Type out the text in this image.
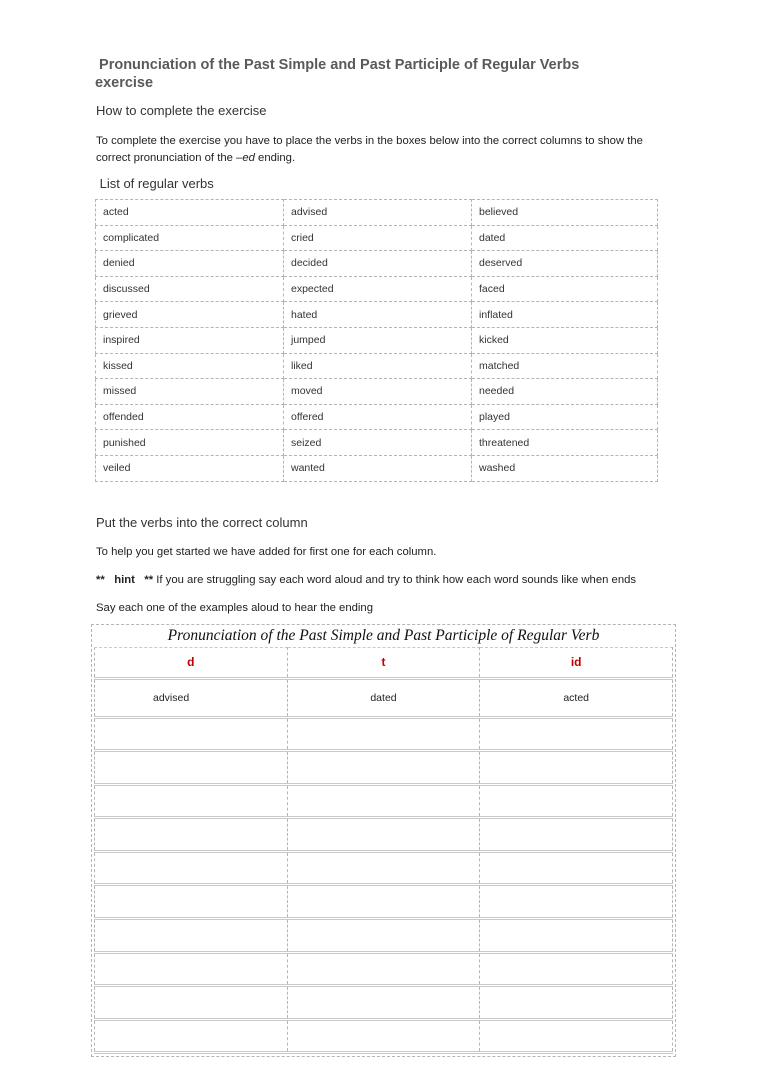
Pronunciation of the Past Simple and Past Participle of Regular Verbs
exercise
How to complete the exercise
To complete the exercise you have to place the verbs in the boxes below into the correct columns to show the correct pronunciation of the –ed ending.
List of regular verbs
acted	advised	believed
complicated	cried	dated
denied	decided	deserved
discussed	expected	faced
grieved	hated	inflated
inspired	jumped	kicked
kissed	liked	matched
missed	moved	needed
offended	offered	played
punished	seized	threatened
veiled	wanted	washed
Put the verbs into the correct column
To help you get started we have added for first one for each column.
**   hint   ** If you are struggling say each word aloud and try to think how each word sounds like when ends
Say each one of the examples aloud to hear the ending
Pronunciation of the Past Simple and Past Participle of Regular Verb		
d	t	id
advised	dated	acted
